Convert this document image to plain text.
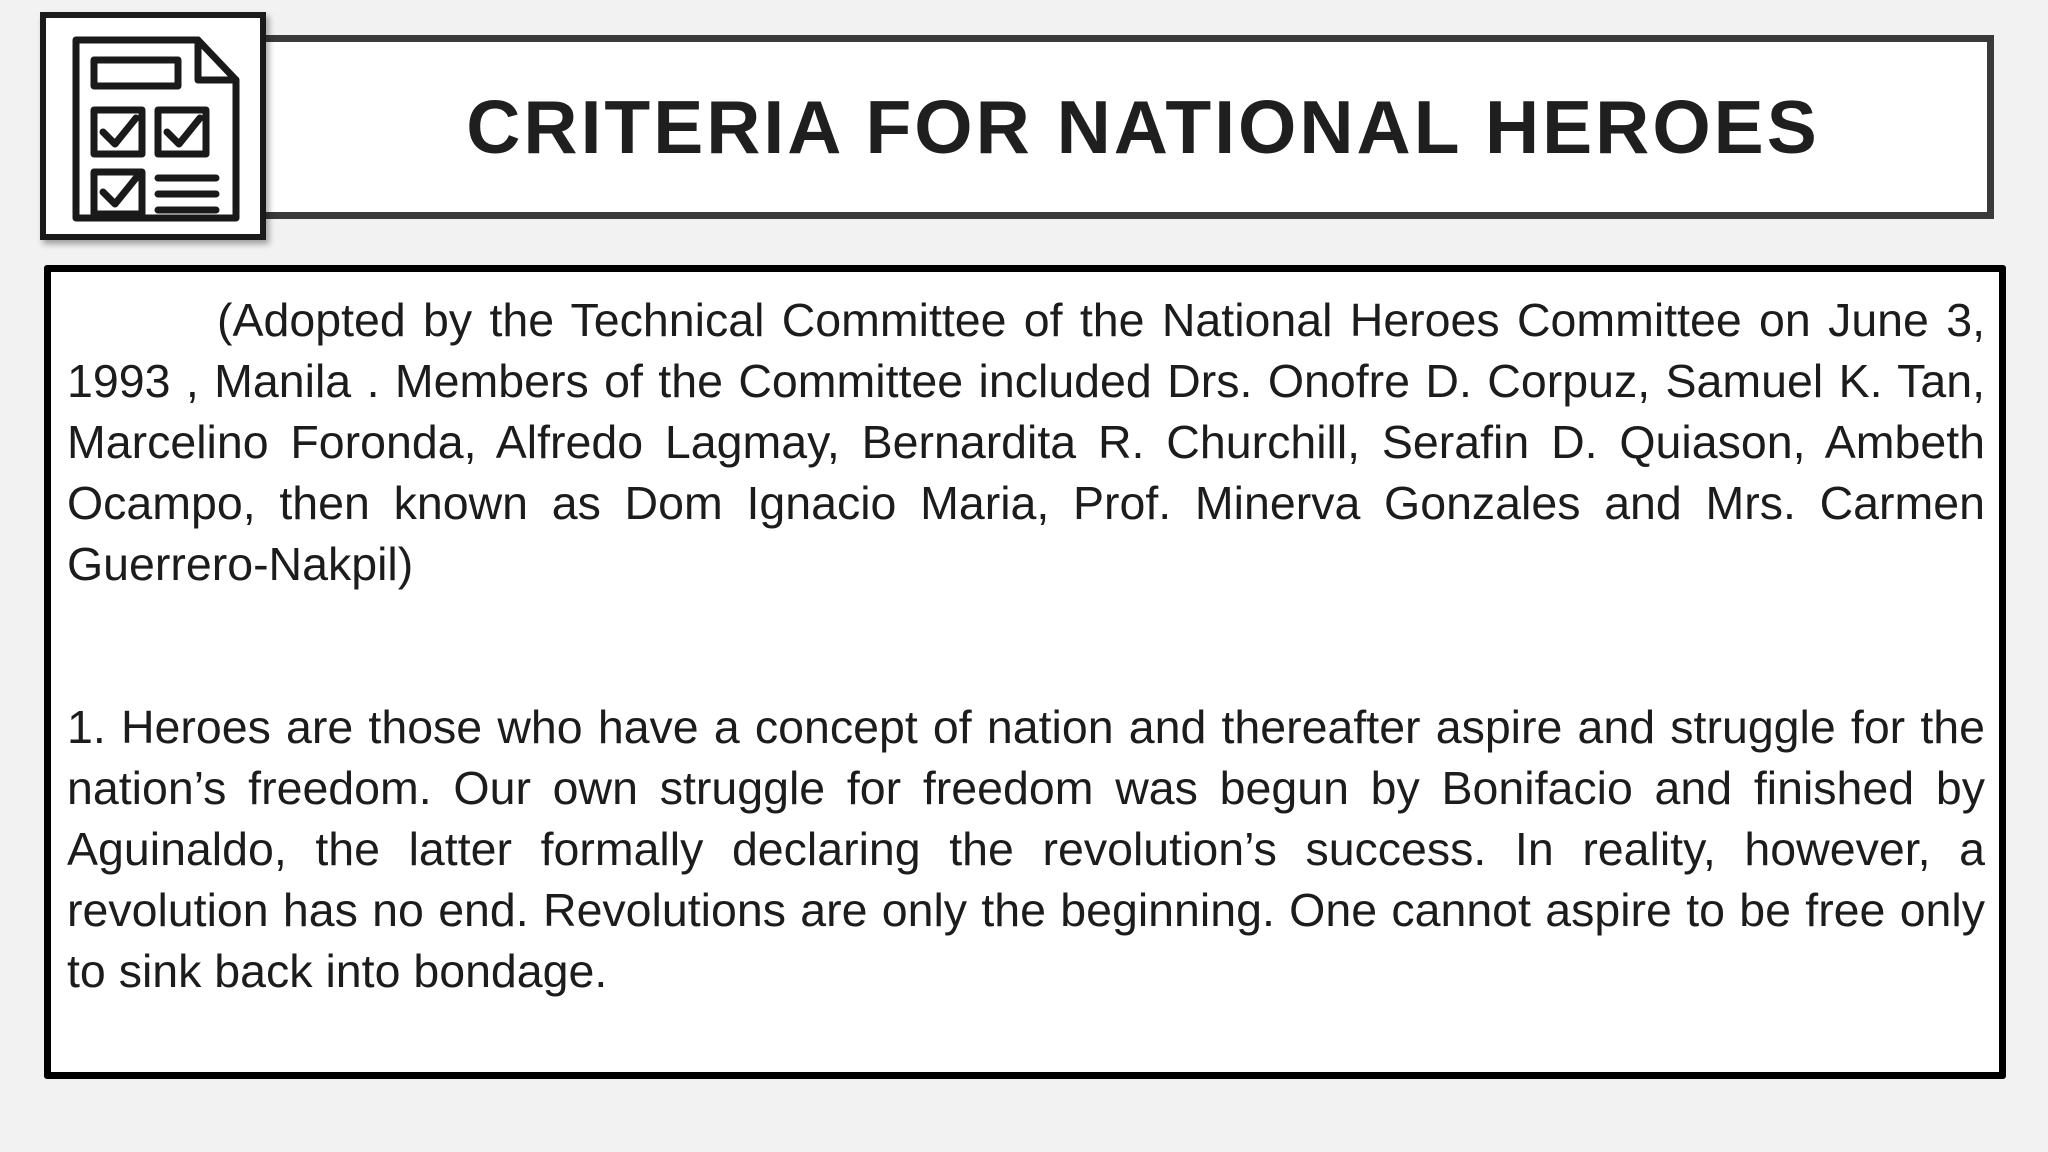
CRITERIA FOR NATIONAL HEROES

(Adopted by the Technical Committee of the National Heroes Committee on June 3, 1993 , Manila . Members of the Committee included Drs. Onofre D. Corpuz, Samuel K. Tan, Marcelino Foronda, Alfredo Lagmay, Bernardita R. Churchill, Serafin D. Quiason, Ambeth Ocampo, then known as Dom Ignacio Maria, Prof. Minerva Gonzales and Mrs. Carmen Guerrero-Nakpil)

1. Heroes are those who have a concept of nation and thereafter aspire and struggle for the nation’s freedom. Our own struggle for freedom was begun by Bonifacio and finished by Aguinaldo, the latter formally declaring the revolution’s success. In reality, however, a revolution has no end. Revolutions are only the beginning. One cannot aspire to be free only to sink back into bondage.
